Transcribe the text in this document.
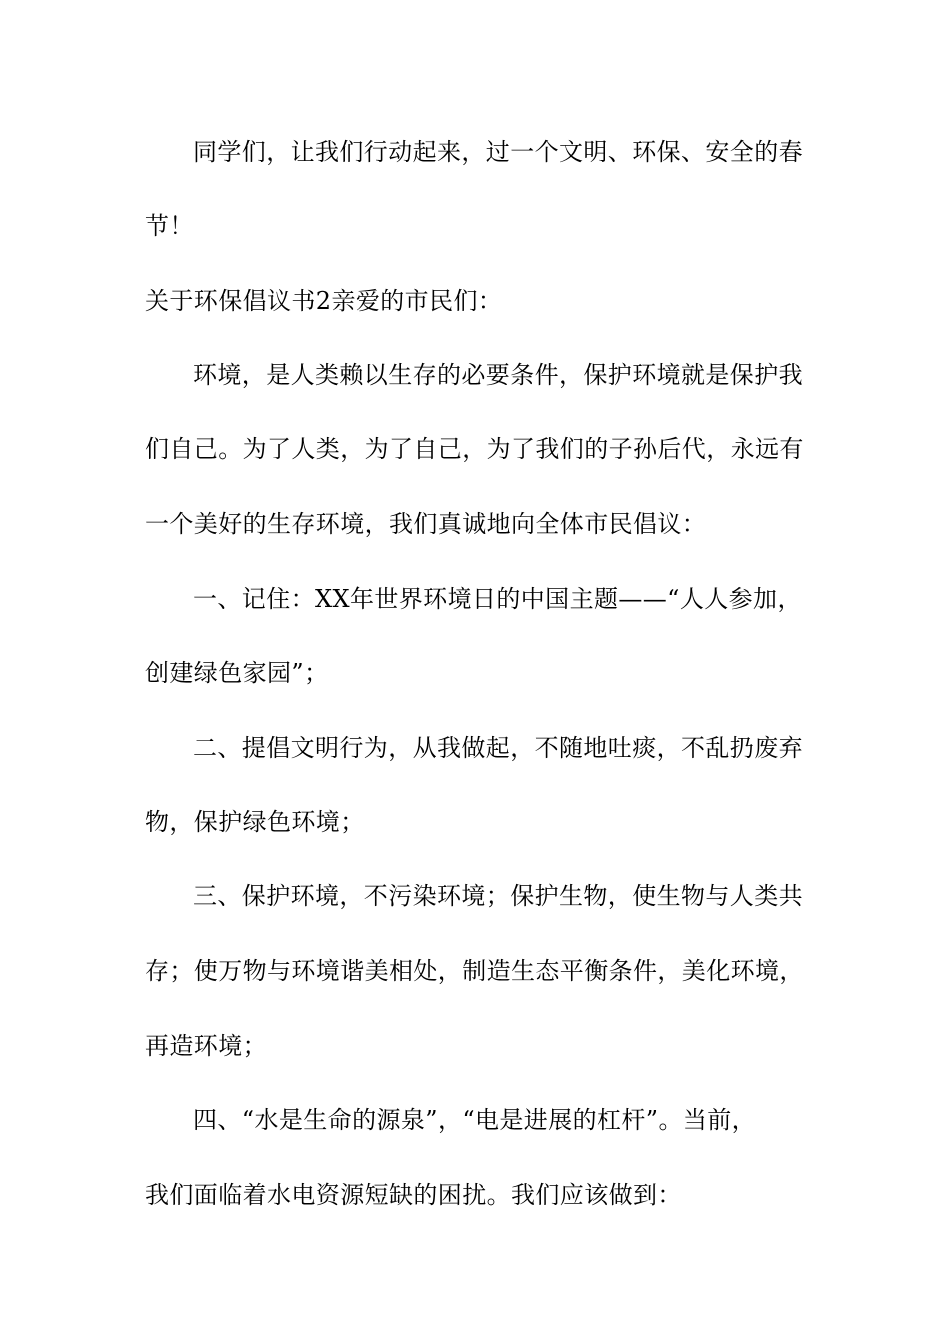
同学们，让我们行动起来，过一个文明、环保、安全的春
节！
关于环保倡议书2亲爱的市民们：
环境，是人类赖以生存的必要条件，保护环境就是保护我
们自己。为了人类，为了自己，为了我们的子孙后代，永远有
一个美好的生存环境，我们真诚地向全体市民倡议：
一、记住：XX年世界环境日的中国主题——“人人参加，
创建绿色家园”；
二、提倡文明行为，从我做起，不随地吐痰，不乱扔废弃
物，保护绿色环境；
三、保护环境，不污染环境；保护生物，使生物与人类共
存；使万物与环境谐美相处，制造生态平衡条件，美化环境，
再造环境；
四、“水是生命的源泉”，“电是进展的杠杆”。当前，
我们面临着水电资源短缺的困扰。我们应该做到：
